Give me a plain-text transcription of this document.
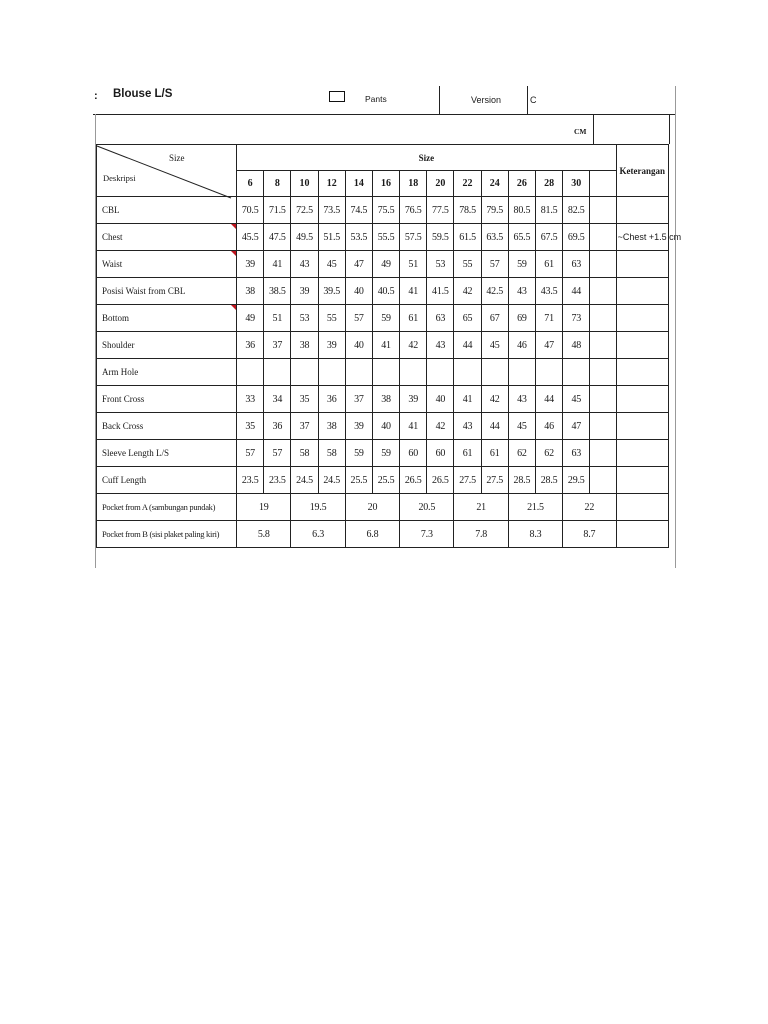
: Blouse L/S	Pants	Version	C
CM
Size
Deskripsi	Size														Keterangan
	6	8	10	12	14	16	18	20	22	24	26	28	30		
CBL	70.5	71.5	72.5	73.5	74.5	75.5	76.5	77.5	78.5	79.5	80.5	81.5	82.5		
Chest	45.5	47.5	49.5	51.5	53.5	55.5	57.5	59.5	61.5	63.5	65.5	67.5	69.5		~Chest +1.5 cm
Waist	39	41	43	45	47	49	51	53	55	57	59	61	63		
Posisi Waist from CBL	38	38.5	39	39.5	40	40.5	41	41.5	42	42.5	43	43.5	44		
Bottom	49	51	53	55	57	59	61	63	65	67	69	71	73		
Shoulder	36	37	38	39	40	41	42	43	44	45	46	47	48		
Arm Hole															
Front Cross	33	34	35	36	37	38	39	40	41	42	43	44	45		
Back Cross	35	36	37	38	39	40	41	42	43	44	45	46	47		
Sleeve Length L/S	57	57	58	58	59	59	60	60	61	61	62	62	63		
Cuff Length	23.5	23.5	24.5	24.5	25.5	25.5	26.5	26.5	27.5	27.5	28.5	28.5	29.5		
Pocket from A (sambungan pundak)	19		19.5		20		20.5		21		21.5		22		
Pocket from B (sisi plaket paling kiri)	5.8		6.3		6.8		7.3		7.8		8.3		8.7		
